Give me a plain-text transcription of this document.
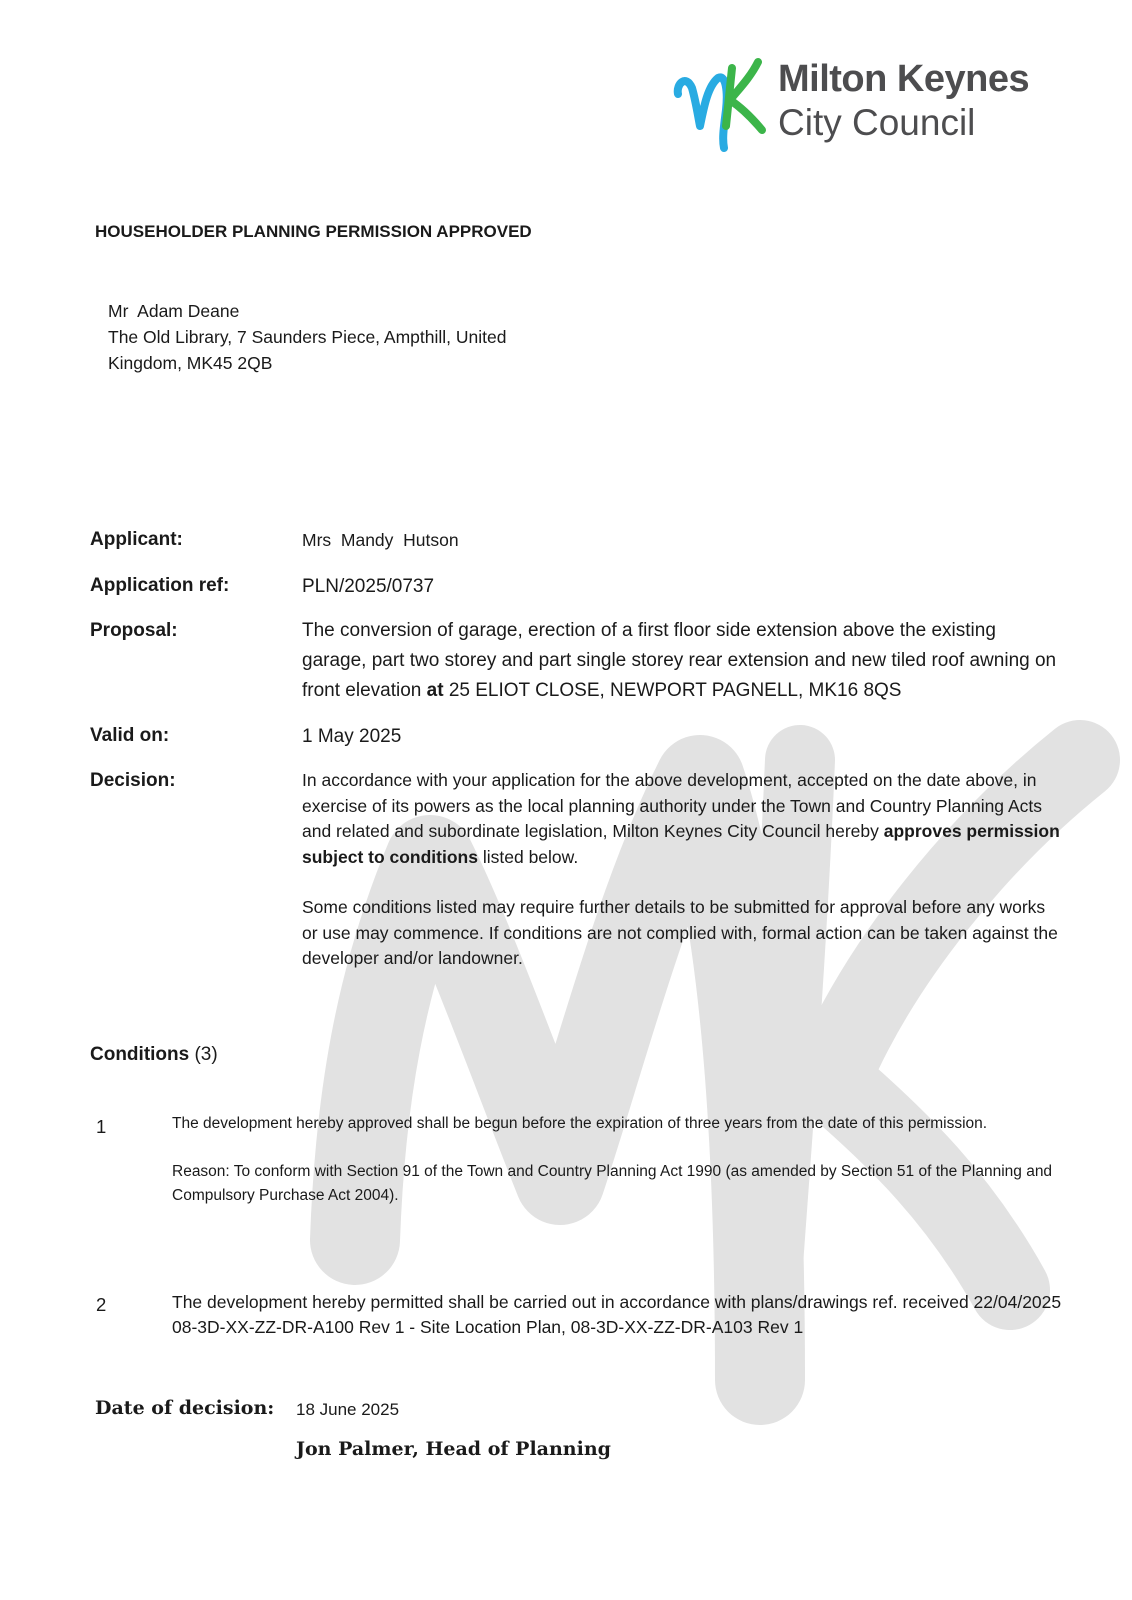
Milton Keynes
City Council
HOUSEHOLDER PLANNING PERMISSION APPROVED
Mr  Adam Deane
The Old Library, 7 Saunders Piece, Ampthill, United
Kingdom, MK45 2QB
Applicant:	Mrs  Mandy  Hutson
Application ref:	PLN/2025/0737
Proposal:	The conversion of garage, erection of a first floor side extension above the existing garage, part two storey and part single storey rear extension and new tiled roof awning on front elevation at 25 ELIOT CLOSE, NEWPORT PAGNELL, MK16 8QS
Valid on:	1 May 2025
Decision:	In accordance with your application for the above development, accepted on the date above, in exercise of its powers as the local planning authority under the Town and Country Planning Acts and related and subordinate legislation, Milton Keynes City Council hereby approves permission subject to conditions listed below.

Some conditions listed may require further details to be submitted for approval before any works or use may commence. If conditions are not complied with, formal action can be taken against the developer and/or landowner.

Conditions (3)
1	The development hereby approved shall be begun before the expiration of three years from the date of this permission.

Reason: To conform with Section 91 of the Town and Country Planning Act 1990 (as amended by Section 51 of the Planning and Compulsory Purchase Act 2004).

2	The development hereby permitted shall be carried out in accordance with plans/drawings ref. received 22/04/2025 08-3D-XX-ZZ-DR-A100 Rev 1 - Site Location Plan, 08-3D-XX-ZZ-DR-A103 Rev 1

Date of decision: 18 June 2025
Jon Palmer, Head of Planning
